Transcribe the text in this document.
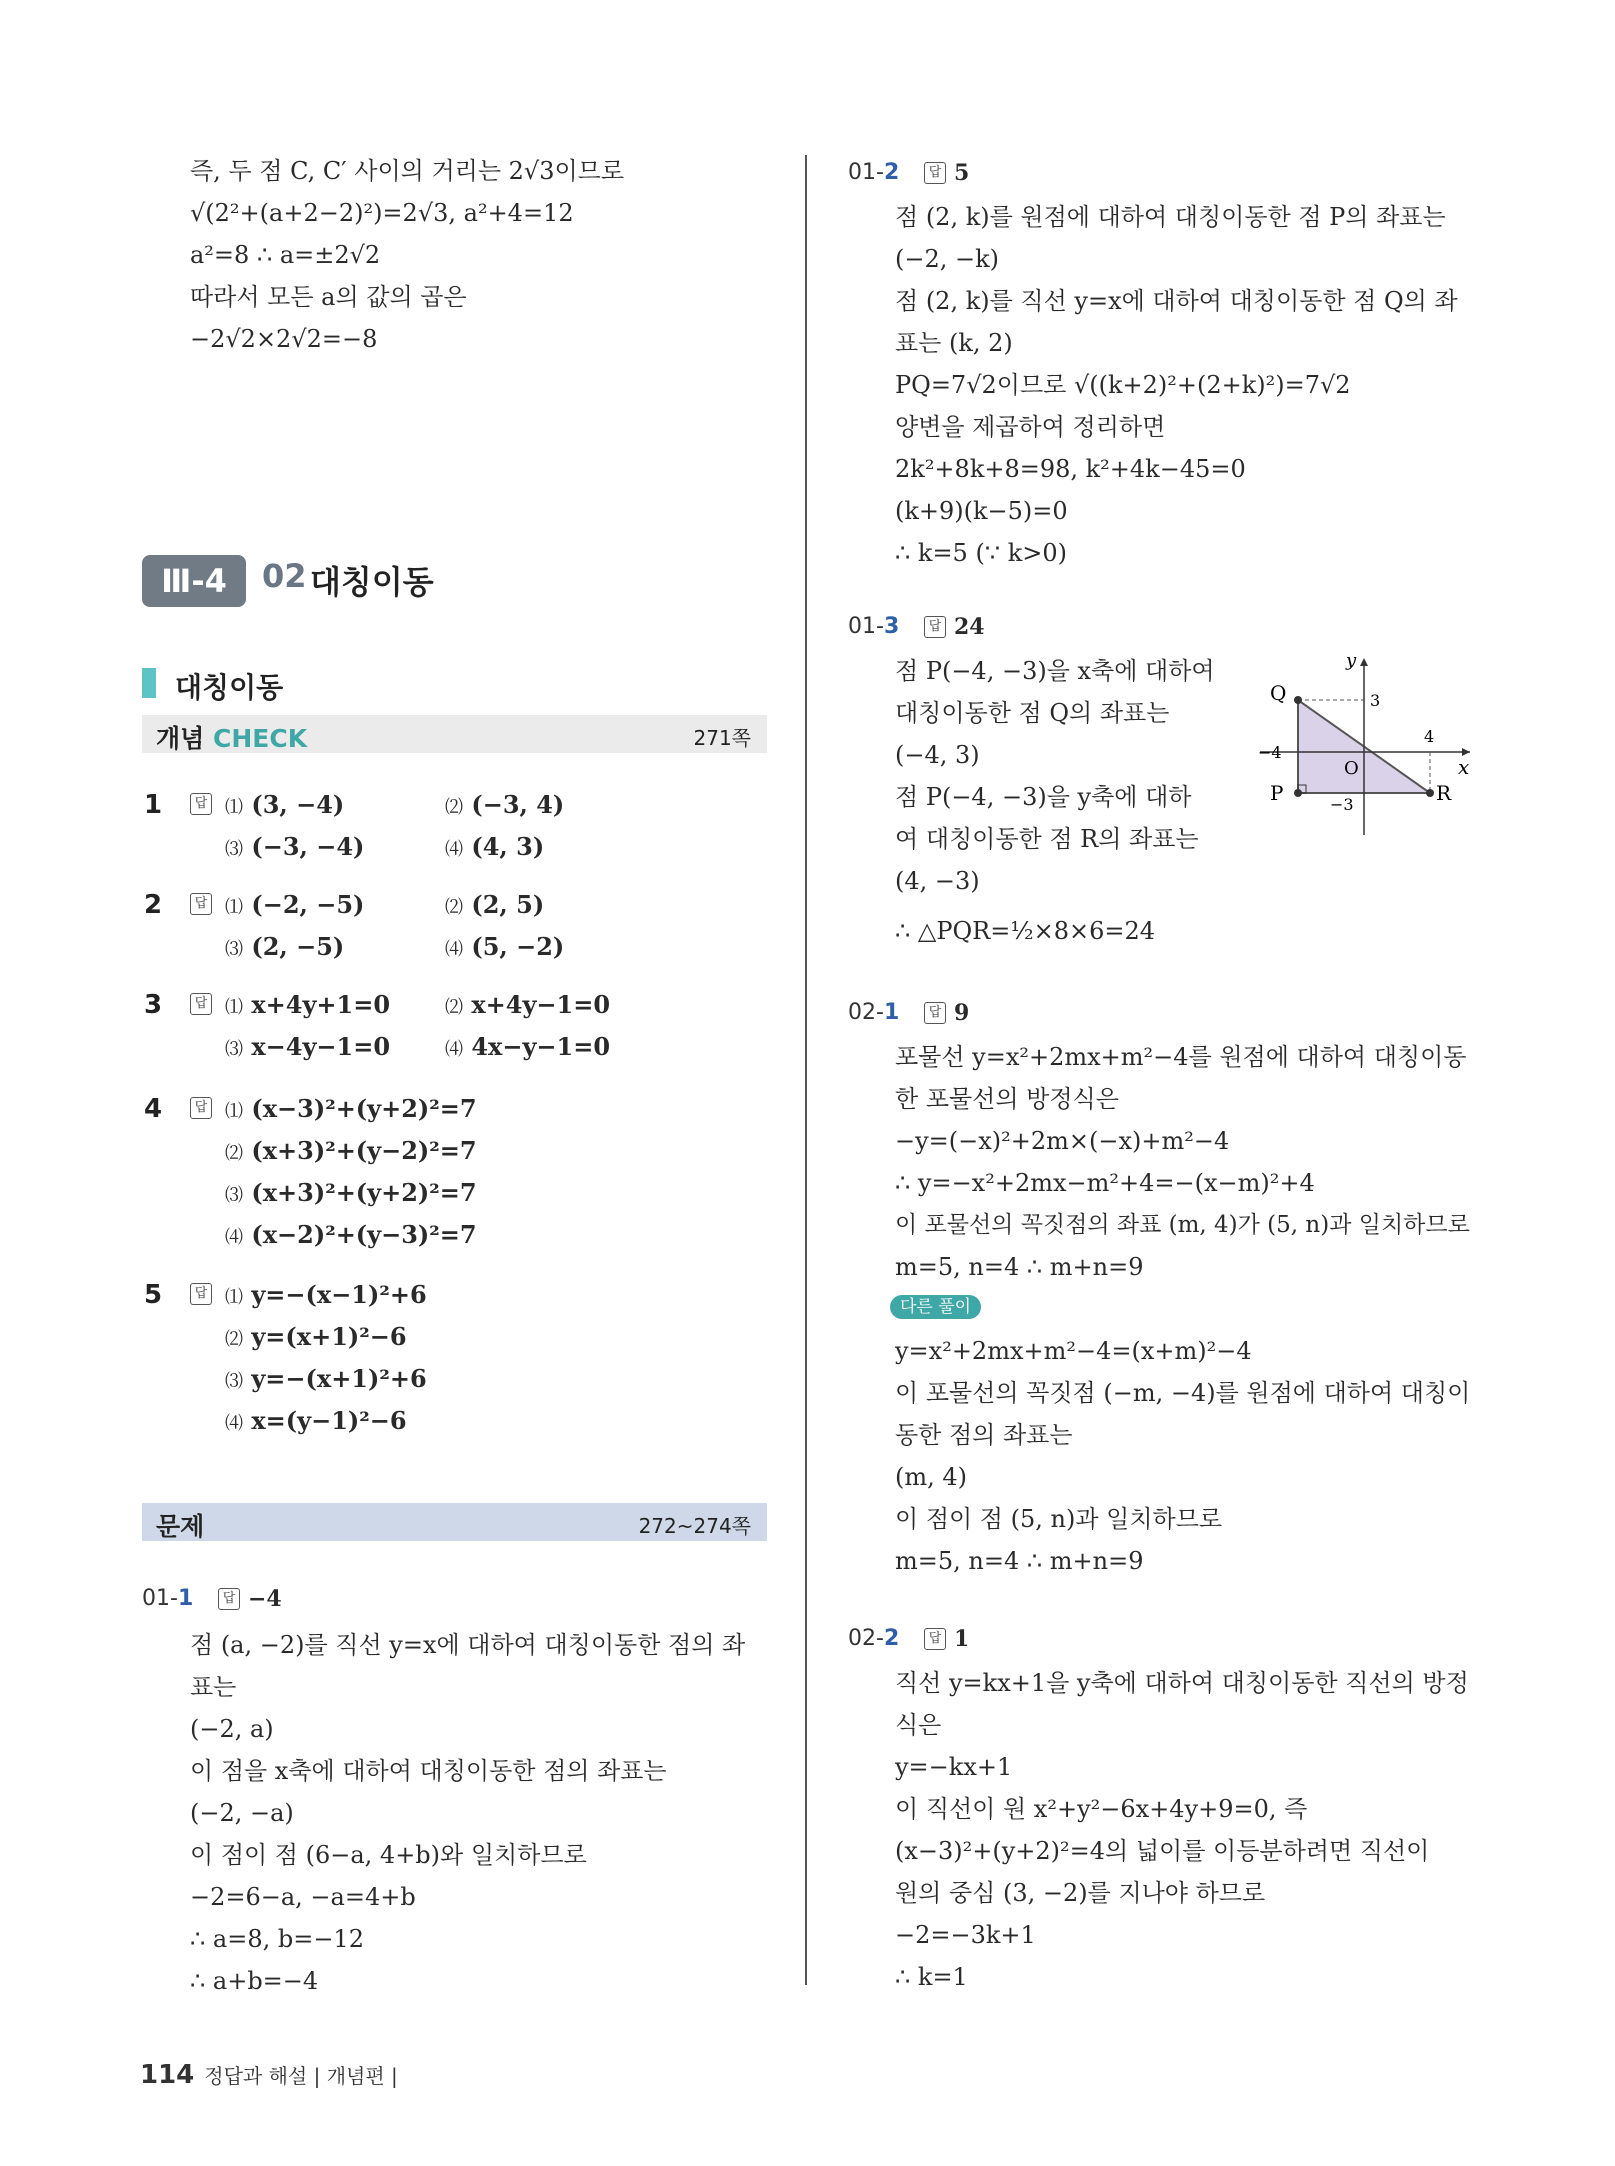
즉, 두 점 C, C′ 사이의 거리는 2√3이므로
√(2²+(a+2−2)²)=2√3, a²+4=12
a²=8 ∴ a=±2√2
따라서 모든 a의 값의 곱은
−2√2×2√2=−8
Ⅲ-4	02 대칭이동
대칭이동
개념 CHECK	271쪽
1	답 ⑴ (3, −4)	⑵ (−3, 4)
⑶ (−3, −4)	⑷ (4, 3)
2	답 ⑴ (−2, −5)	⑵ (2, 5)
⑶ (2, −5)	⑷ (5, −2)
3	답 ⑴ x+4y+1=0	⑵ x+4y−1=0
⑶ x−4y−1=0	⑷ 4x−y−1=0
4	답 ⑴ (x−3)²+(y+2)²=7
⑵ (x+3)²+(y−2)²=7
⑶ (x+3)²+(y+2)²=7
⑷ (x−2)²+(y−3)²=7
5	답 ⑴ y=−(x−1)²+6
⑵ y=(x+1)²−6
⑶ y=−(x+1)²+6
⑷ x=(y−1)²−6
문제	272~274쪽
01-1	답 −4
점 (a, −2)를 직선 y=x에 대하여 대칭이동한 점의 좌
표는
(−2, a)
이 점을 x축에 대하여 대칭이동한 점의 좌표는
(−2, −a)
이 점이 점 (6−a, 4+b)와 일치하므로
−2=6−a, −a=4+b
∴ a=8, b=−12
∴ a+b=−4
01-2	답 5
점 (2, k)를 원점에 대하여 대칭이동한 점 P의 좌표는
(−2, −k)
점 (2, k)를 직선 y=x에 대하여 대칭이동한 점 Q의 좌
표는 (k, 2)
PQ=7√2이므로 √((k+2)²+(2+k)²)=7√2
양변을 제곱하여 정리하면
2k²+8k+8=98, k²+4k−45=0
(k+9)(k−5)=0
∴ k=5 (∵ k>0)
01-3	답 24
점 P(−4, −3)을 x축에 대하여
대칭이동한 점 Q의 좌표는
(−4, 3)
점 P(−4, −3)을 y축에 대하
여 대칭이동한 점 R의 좌표는
(4, −3)
∴ △PQR=½×8×6=24
y
x
Q
P	R
O
3
4
−4
−3
02-1	답 9
포물선 y=x²+2mx+m²−4를 원점에 대하여 대칭이동
한 포물선의 방정식은
−y=(−x)²+2m×(−x)+m²−4
∴ y=−x²+2mx−m²+4=−(x−m)²+4
이 포물선의 꼭짓점의 좌표 (m, 4)가 (5, n)과 일치하므로
m=5, n=4 ∴ m+n=9
다른 풀이
y=x²+2mx+m²−4=(x+m)²−4
이 포물선의 꼭짓점 (−m, −4)를 원점에 대하여 대칭이
동한 점의 좌표는
(m, 4)
이 점이 점 (5, n)과 일치하므로
m=5, n=4 ∴ m+n=9
02-2	답 1
직선 y=kx+1을 y축에 대하여 대칭이동한 직선의 방정
식은
y=−kx+1
이 직선이 원 x²+y²−6x+4y+9=0, 즉
(x−3)²+(y+2)²=4의 넓이를 이등분하려면 직선이
원의 중심 (3, −2)를 지나야 하므로
−2=−3k+1
∴ k=1
114 정답과 해설 | 개념편 |
